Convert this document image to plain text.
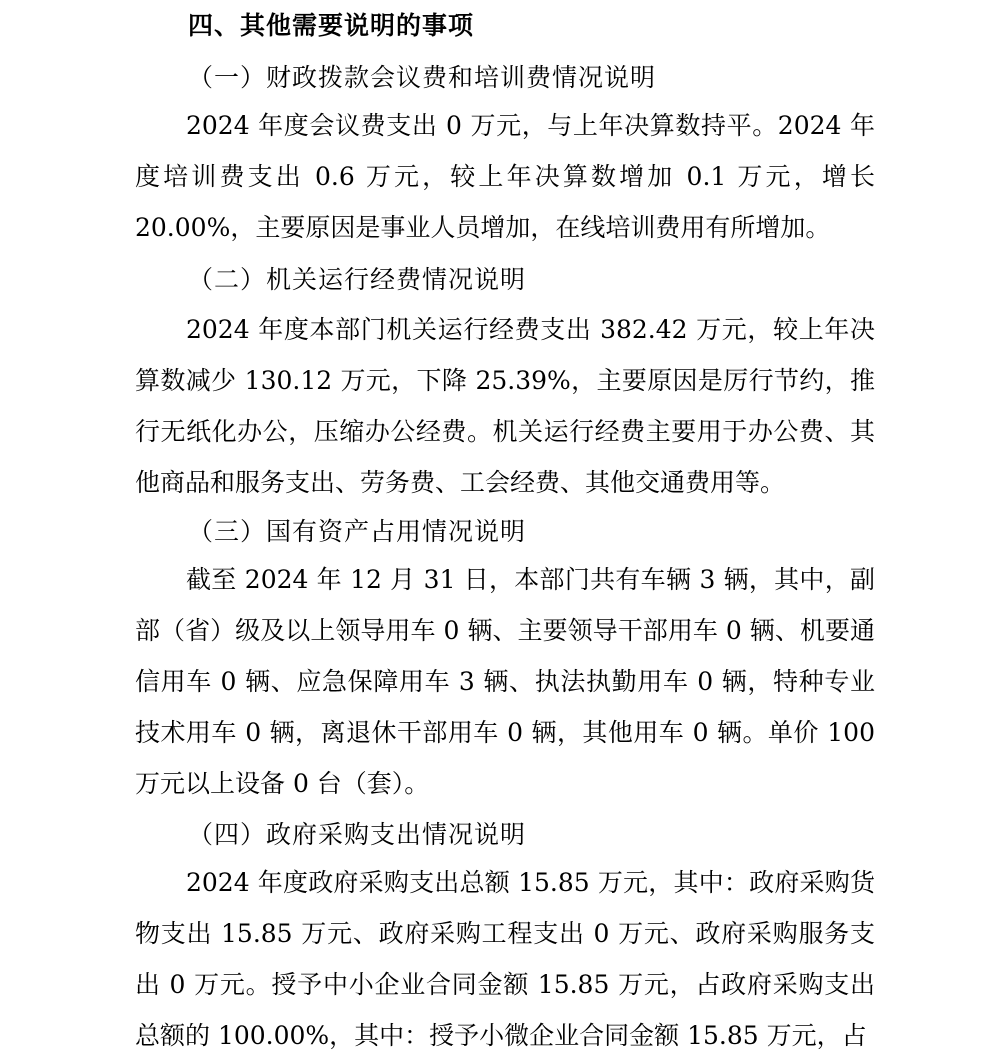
四、其他需要说明的事项
（一）财政拨款会议费和培训费情况说明

2024 年度会议费支出 0 万元，与上年决算数持平。2024 年度培训费支出 0.6 万元，较上年决算数增加 0.1 万元，增长 20.00%，主要原因是事业人员增加，在线培训费用有所增加。

（二）机关运行经费情况说明

2024 年度本部门机关运行经费支出 382.42 万元，较上年决算数减少 130.12 万元，下降 25.39%，主要原因是厉行节约，推行无纸化办公，压缩办公经费。机关运行经费主要用于办公费、其他商品和服务支出、劳务费、工会经费、其他交通费用等。

（三）国有资产占用情况说明

截至 2024 年 12 月 31 日，本部门共有车辆 3 辆，其中，副部（省）级及以上领导用车 0 辆、主要领导干部用车 0 辆、机要通信用车 0 辆、应急保障用车 3 辆、执法执勤用车 0 辆，特种专业技术用车 0 辆，离退休干部用车 0 辆，其他用车 0 辆。单价 100 万元以上设备 0 台（套）。

（四）政府采购支出情况说明

2024 年度政府采购支出总额 15.85 万元，其中：政府采购货物支出 15.85 万元、政府采购工程支出 0 万元、政府采购服务支出 0 万元。授予中小企业合同金额 15.85 万元，占政府采购支出总额的 100.00%，其中：授予小微企业合同金额 15.85 万元，占
